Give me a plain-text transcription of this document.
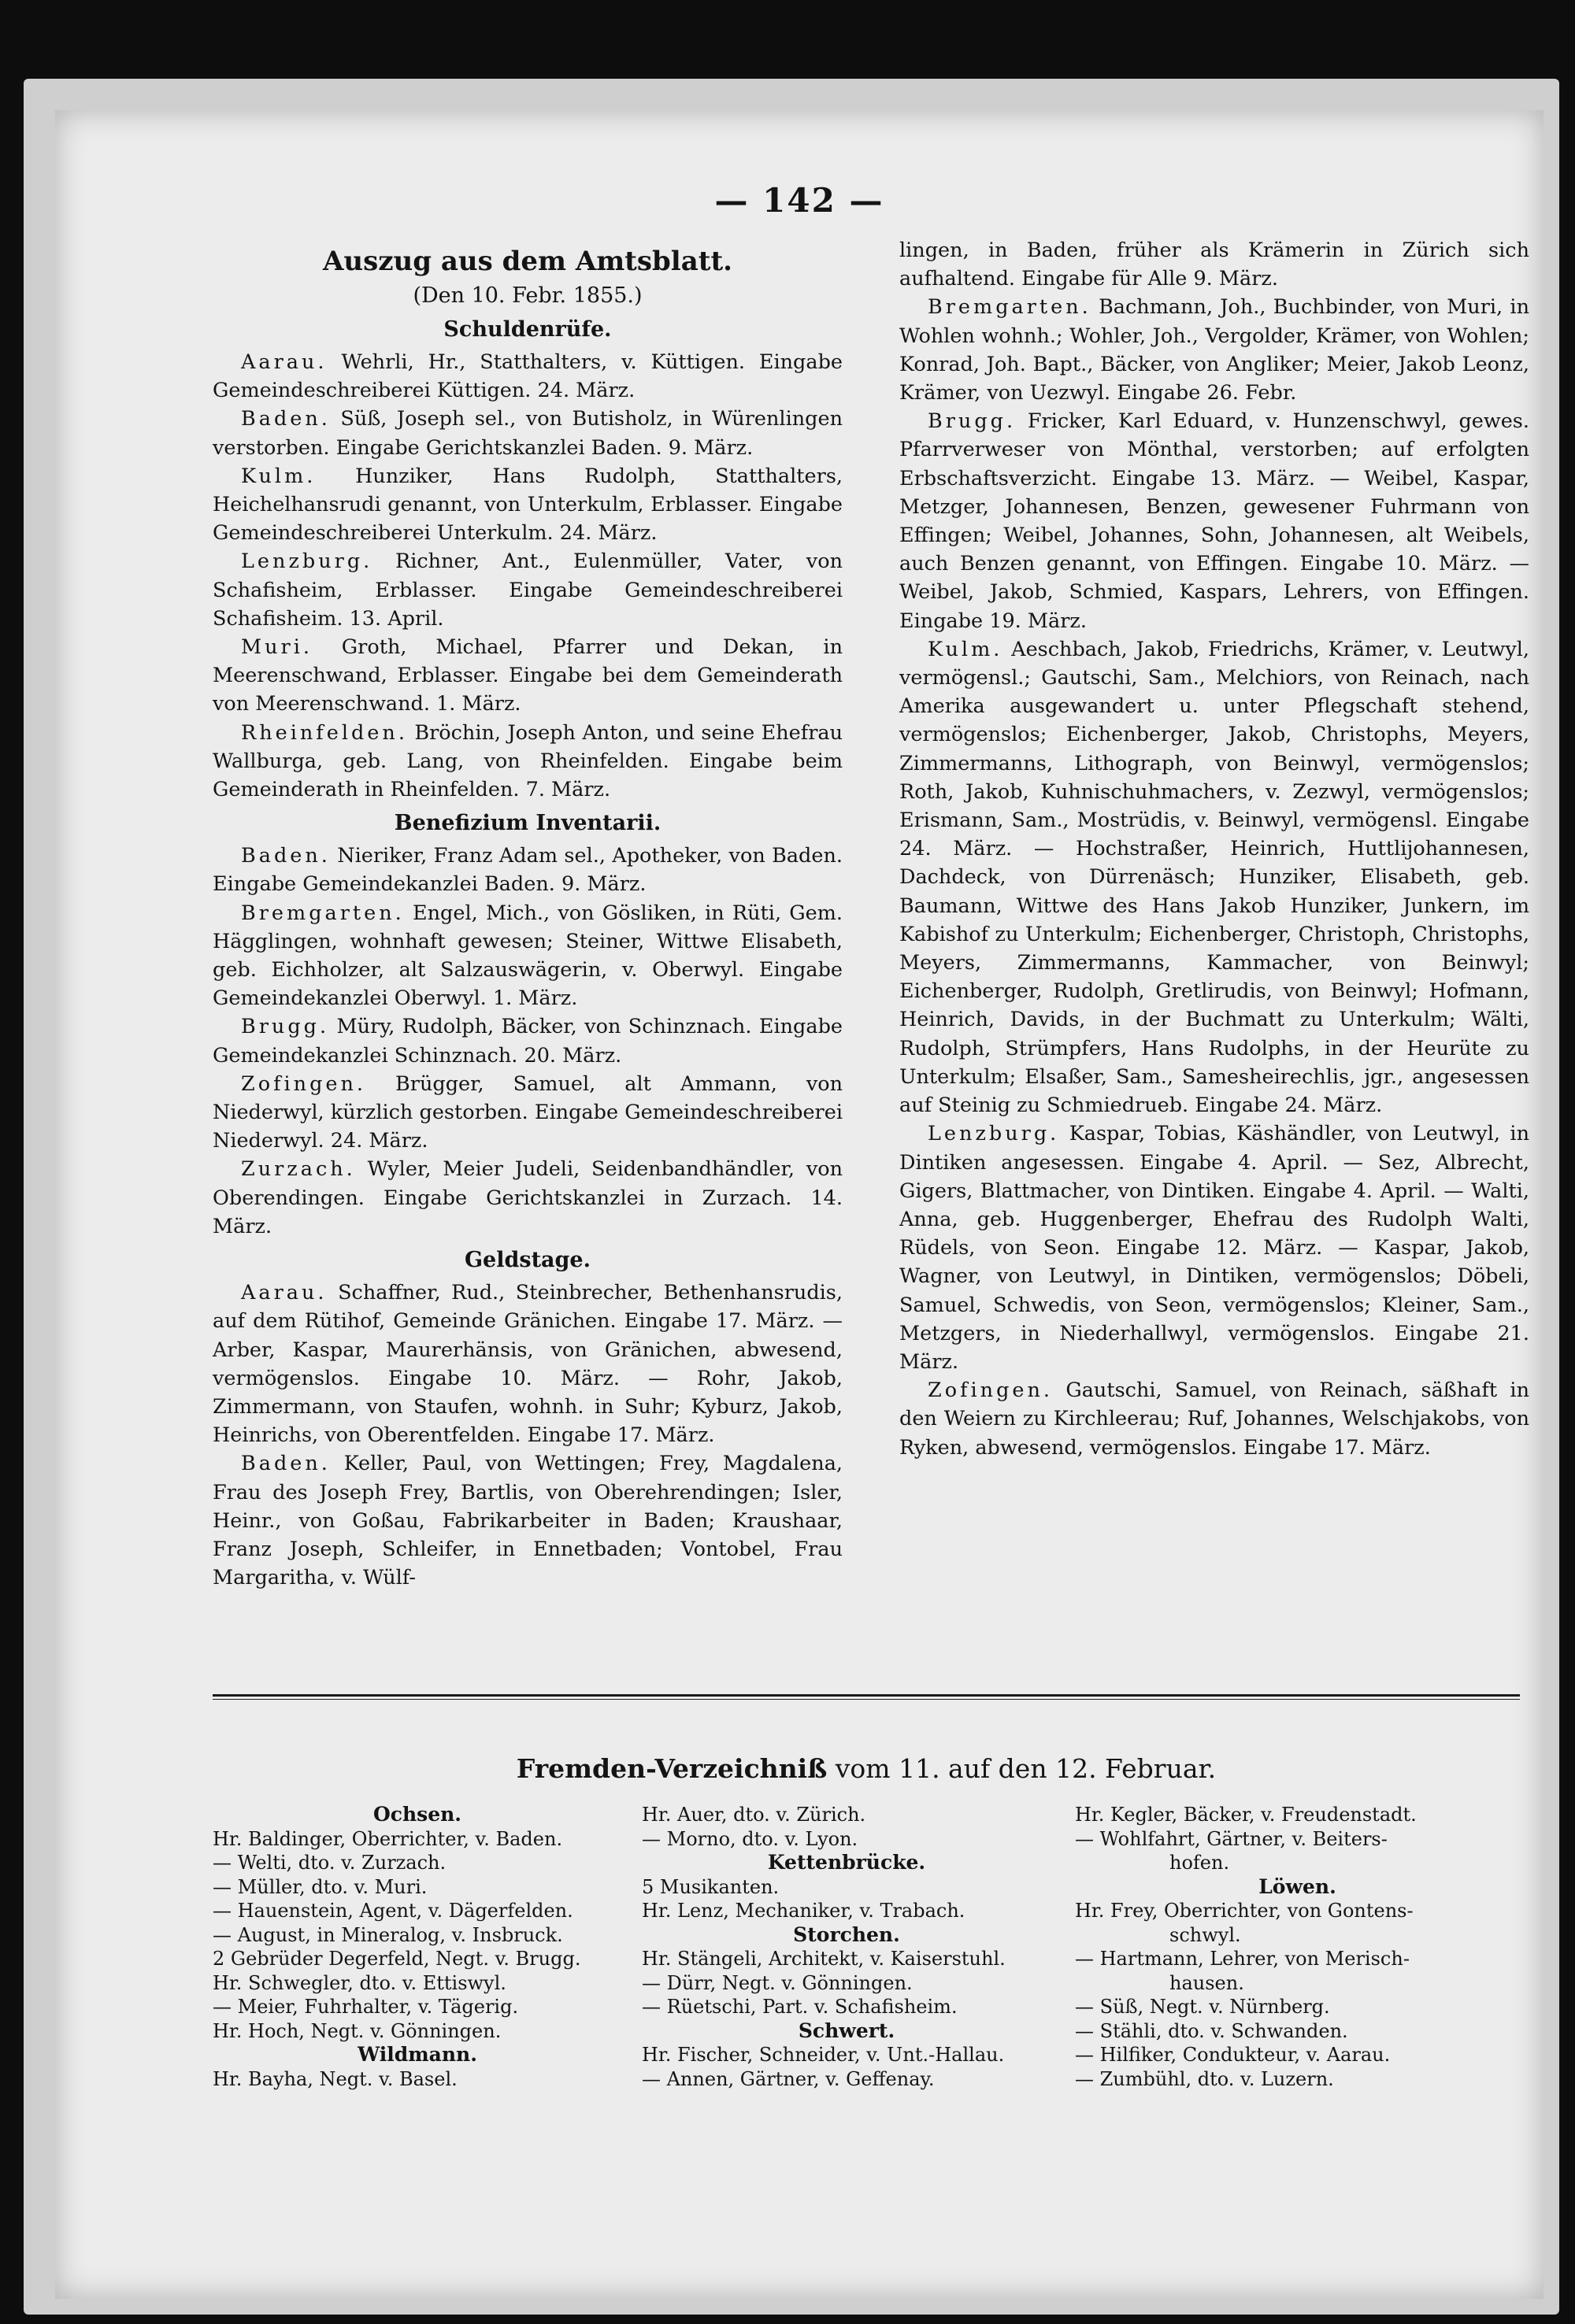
— 142 —
Auszug aus dem Amtsblatt.
(Den 10. Febr. 1855.)
Schuldenrüfe.

Aarau. Wehrli, Hr., Statthalters, v. Küttigen. Eingabe Gemeindeschreiberei Küttigen. 24. März.

Baden. Süß, Joseph sel., von Butisholz, in Würenlingen verstorben. Eingabe Gerichtskanzlei Baden. 9. März.

Kulm. Hunziker, Hans Rudolph, Statthalters, Heichelhansrudi genannt, von Unterkulm, Erblasser. Eingabe Gemeindeschreiberei Unterkulm. 24. März.

Lenzburg. Richner, Ant., Eulenmüller, Vater, von Schafisheim, Erblasser. Eingabe Gemeindeschreiberei Schafisheim. 13. April.

Muri. Groth, Michael, Pfarrer und Dekan, in Meerenschwand, Erblasser. Eingabe bei dem Gemeinderath von Meerenschwand. 1. März.

Rheinfelden. Bröchin, Joseph Anton, und seine Ehefrau Wallburga, geb. Lang, von Rheinfelden. Eingabe beim Gemeinderath in Rheinfelden. 7. März.

Benefizium Inventarii.

Baden. Nieriker, Franz Adam sel., Apotheker, von Baden. Eingabe Gemeindekanzlei Baden. 9. März.

Bremgarten. Engel, Mich., von Gösliken, in Rüti, Gem. Hägglingen, wohnhaft gewesen; Steiner, Wittwe Elisabeth, geb. Eichholzer, alt Salzauswägerin, v. Oberwyl. Eingabe Gemeindekanzlei Oberwyl. 1. März.

Brugg. Müry, Rudolph, Bäcker, von Schinznach. Eingabe Gemeindekanzlei Schinznach. 20. März.

Zofingen. Brügger, Samuel, alt Ammann, von Niederwyl, kürzlich gestorben. Eingabe Gemeindeschreiberei Niederwyl. 24. März.

Zurzach. Wyler, Meier Judeli, Seidenbandhändler, von Oberendingen. Eingabe Gerichtskanzlei in Zurzach. 14. März.

Geldstage.

Aarau. Schaffner, Rud., Steinbrecher, Bethenhansrudis, auf dem Rütihof, Gemeinde Gränichen. Eingabe 17. März. — Arber, Kaspar, Maurerhänsis, von Gränichen, abwesend, vermögenslos. Eingabe 10. März. — Rohr, Jakob, Zimmermann, von Staufen, wohnh. in Suhr; Kyburz, Jakob, Heinrichs, von Oberentfelden. Eingabe 17. März.

Baden. Keller, Paul, von Wettingen; Frey, Magdalena, Frau des Joseph Frey, Bartlis, von Oberehrendingen; Isler, Heinr., von Goßau, Fabrikarbeiter in Baden; Kraushaar, Franz Joseph, Schleifer, in Ennetbaden; Vontobel, Frau Margaritha, v. Wülf-

lingen, in Baden, früher als Krämerin in Zürich sich aufhaltend. Eingabe für Alle 9. März.

Bremgarten. Bachmann, Joh., Buchbinder, von Muri, in Wohlen wohnh.; Wohler, Joh., Vergolder, Krämer, von Wohlen; Konrad, Joh. Bapt., Bäcker, von Angliker; Meier, Jakob Leonz, Krämer, von Uezwyl. Eingabe 26. Febr.

Brugg. Fricker, Karl Eduard, v. Hunzenschwyl, gewes. Pfarrverweser von Mönthal, verstorben; auf erfolgten Erbschaftsverzicht. Eingabe 13. März. — Weibel, Kaspar, Metzger, Johannesen, Benzen, gewesener Fuhrmann von Effingen; Weibel, Johannes, Sohn, Johannesen, alt Weibels, auch Benzen genannt, von Effingen. Eingabe 10. März. — Weibel, Jakob, Schmied, Kaspars, Lehrers, von Effingen. Eingabe 19. März.

Kulm. Aeschbach, Jakob, Friedrichs, Krämer, v. Leutwyl, vermögensl.; Gautschi, Sam., Melchiors, von Reinach, nach Amerika ausgewandert u. unter Pflegschaft stehend, vermögenslos; Eichenberger, Jakob, Christophs, Meyers, Zimmermanns, Lithograph, von Beinwyl, vermögenslos; Roth, Jakob, Kuhnischuhmachers, v. Zezwyl, vermögenslos; Erismann, Sam., Mostrüdis, v. Beinwyl, vermögensl. Eingabe 24. März. — Hochstraßer, Heinrich, Huttlijohannesen, Dachdeck, von Dürrenäsch; Hunziker, Elisabeth, geb. Baumann, Wittwe des Hans Jakob Hunziker, Junkern, im Kabishof zu Unterkulm; Eichenberger, Christoph, Christophs, Meyers, Zimmermanns, Kammacher, von Beinwyl; Eichenberger, Rudolph, Gretlirudis, von Beinwyl; Hofmann, Heinrich, Davids, in der Buchmatt zu Unterkulm; Wälti, Rudolph, Strümpfers, Hans Rudolphs, in der Heurüte zu Unterkulm; Elsaßer, Sam., Samesheirechlis, jgr., angesessen auf Steinig zu Schmiedrueb. Eingabe 24. März.

Lenzburg. Kaspar, Tobias, Käshändler, von Leutwyl, in Dintiken angesessen. Eingabe 4. April. — Sez, Albrecht, Gigers, Blattmacher, von Dintiken. Eingabe 4. April. — Walti, Anna, geb. Huggenberger, Ehefrau des Rudolph Walti, Rüdels, von Seon. Eingabe 12. März. — Kaspar, Jakob, Wagner, von Leutwyl, in Dintiken, vermögenslos; Döbeli, Samuel, Schwedis, von Seon, vermögenslos; Kleiner, Sam., Metzgers, in Niederhallwyl, vermögenslos. Eingabe 21. März.

Zofingen. Gautschi, Samuel, von Reinach, säßhaft in den Weiern zu Kirchleerau; Ruf, Johannes, Welschjakobs, von Ryken, abwesend, vermögenslos. Eingabe 17. März.

Fremden-Verzeichniß vom 11. auf den 12. Februar.
Ochsen.
Hr. Baldinger, Oberrichter, v. Baden.
— Welti, dto. v. Zurzach.
— Müller, dto. v. Muri.
— Hauenstein, Agent, v. Dägerfelden.
— August, in Mineralog, v. Insbruck.
2 Gebrüder Degerfeld, Negt. v. Brugg.
Hr. Schwegler, dto. v. Ettiswyl.
— Meier, Fuhrhalter, v. Tägerig.
Hr. Hoch, Negt. v. Gönningen.
Wildmann.
Hr. Bayha, Negt. v. Basel.
Hr. Auer, dto. v. Zürich.
— Morno, dto. v. Lyon.
Kettenbrücke.
5 Musikanten.
Hr. Lenz, Mechaniker, v. Trabach.
Storchen.
Hr. Stängeli, Architekt, v. Kaiserstuhl.
— Dürr, Negt. v. Gönningen.
— Rüetschi, Part. v. Schafisheim.
Schwert.
Hr. Fischer, Schneider, v. Unt.-Hallau.
— Annen, Gärtner, v. Geffenay.
Hr. Kegler, Bäcker, v. Freudenstadt.
— Wohlfahrt, Gärtner, v. Beiters-
hofen.
Löwen.
Hr. Frey, Oberrichter, von Gontens-
schwyl.
— Hartmann, Lehrer, von Merisch-
hausen.
— Süß, Negt. v. Nürnberg.
— Stähli, dto. v. Schwanden.
— Hilfiker, Condukteur, v. Aarau.
— Zumbühl, dto. v. Luzern.
